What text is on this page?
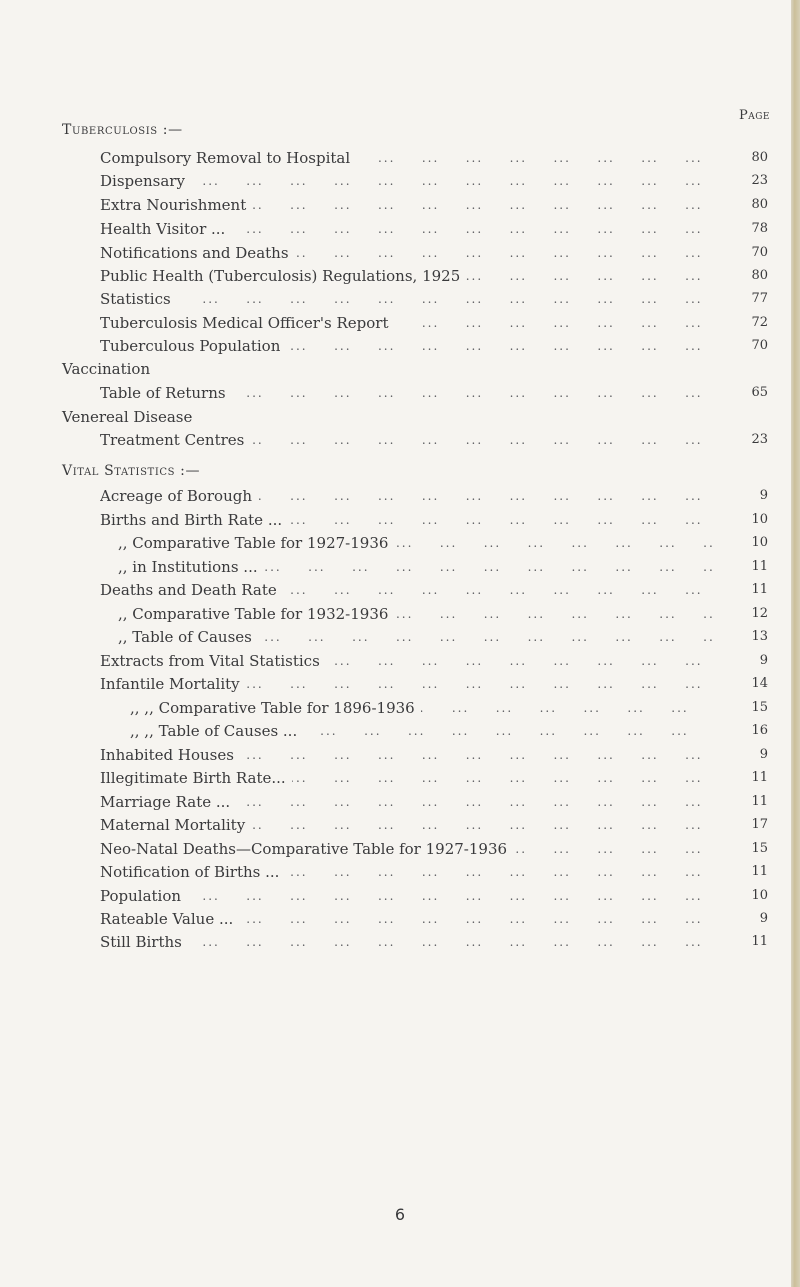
Page
Tuberculosis :—
...
Compulsory Removal to Hospital	80
...
Dispensary	23
...
Extra Nourishment	80
...
Health Visitor ...	78
...
Notifications and Deaths	70
...
Public Health (Tuberculosis) Regulations, 1925	80
...
Statistics	77
...
Tuberculosis Medical Officer's Report	72
...
Tuberculous Population	70
Vaccination
...
Table of Returns	65
Venereal Disease
...
Treatment Centres	23
Vital Statistics :—
...
Acreage of Borough	9
...
Births and Birth Rate ...	10
...
,, Comparative Table for 1927-1936	10
...
,, in Institutions ...	11
...
Deaths and Death Rate	11
...
,, Comparative Table for 1932-1936	12
...
,, Table of Causes	13
...
Extracts from Vital Statistics	9
...
Infantile Mortality	14
...
,, ,, Comparative Table for 1896-1936	15
...
,, ,, Table of Causes ...	16
...
Inhabited Houses	9
...
Illegitimate Birth Rate...	11
...
Marriage Rate ...	11
...
Maternal Mortality	17
...
Neo-Natal Deaths—Comparative Table for 1927-1936	15
...
Notification of Births ...	11
...
Population	10
...
Rateable Value ...	9
...
Still Births	11
6
